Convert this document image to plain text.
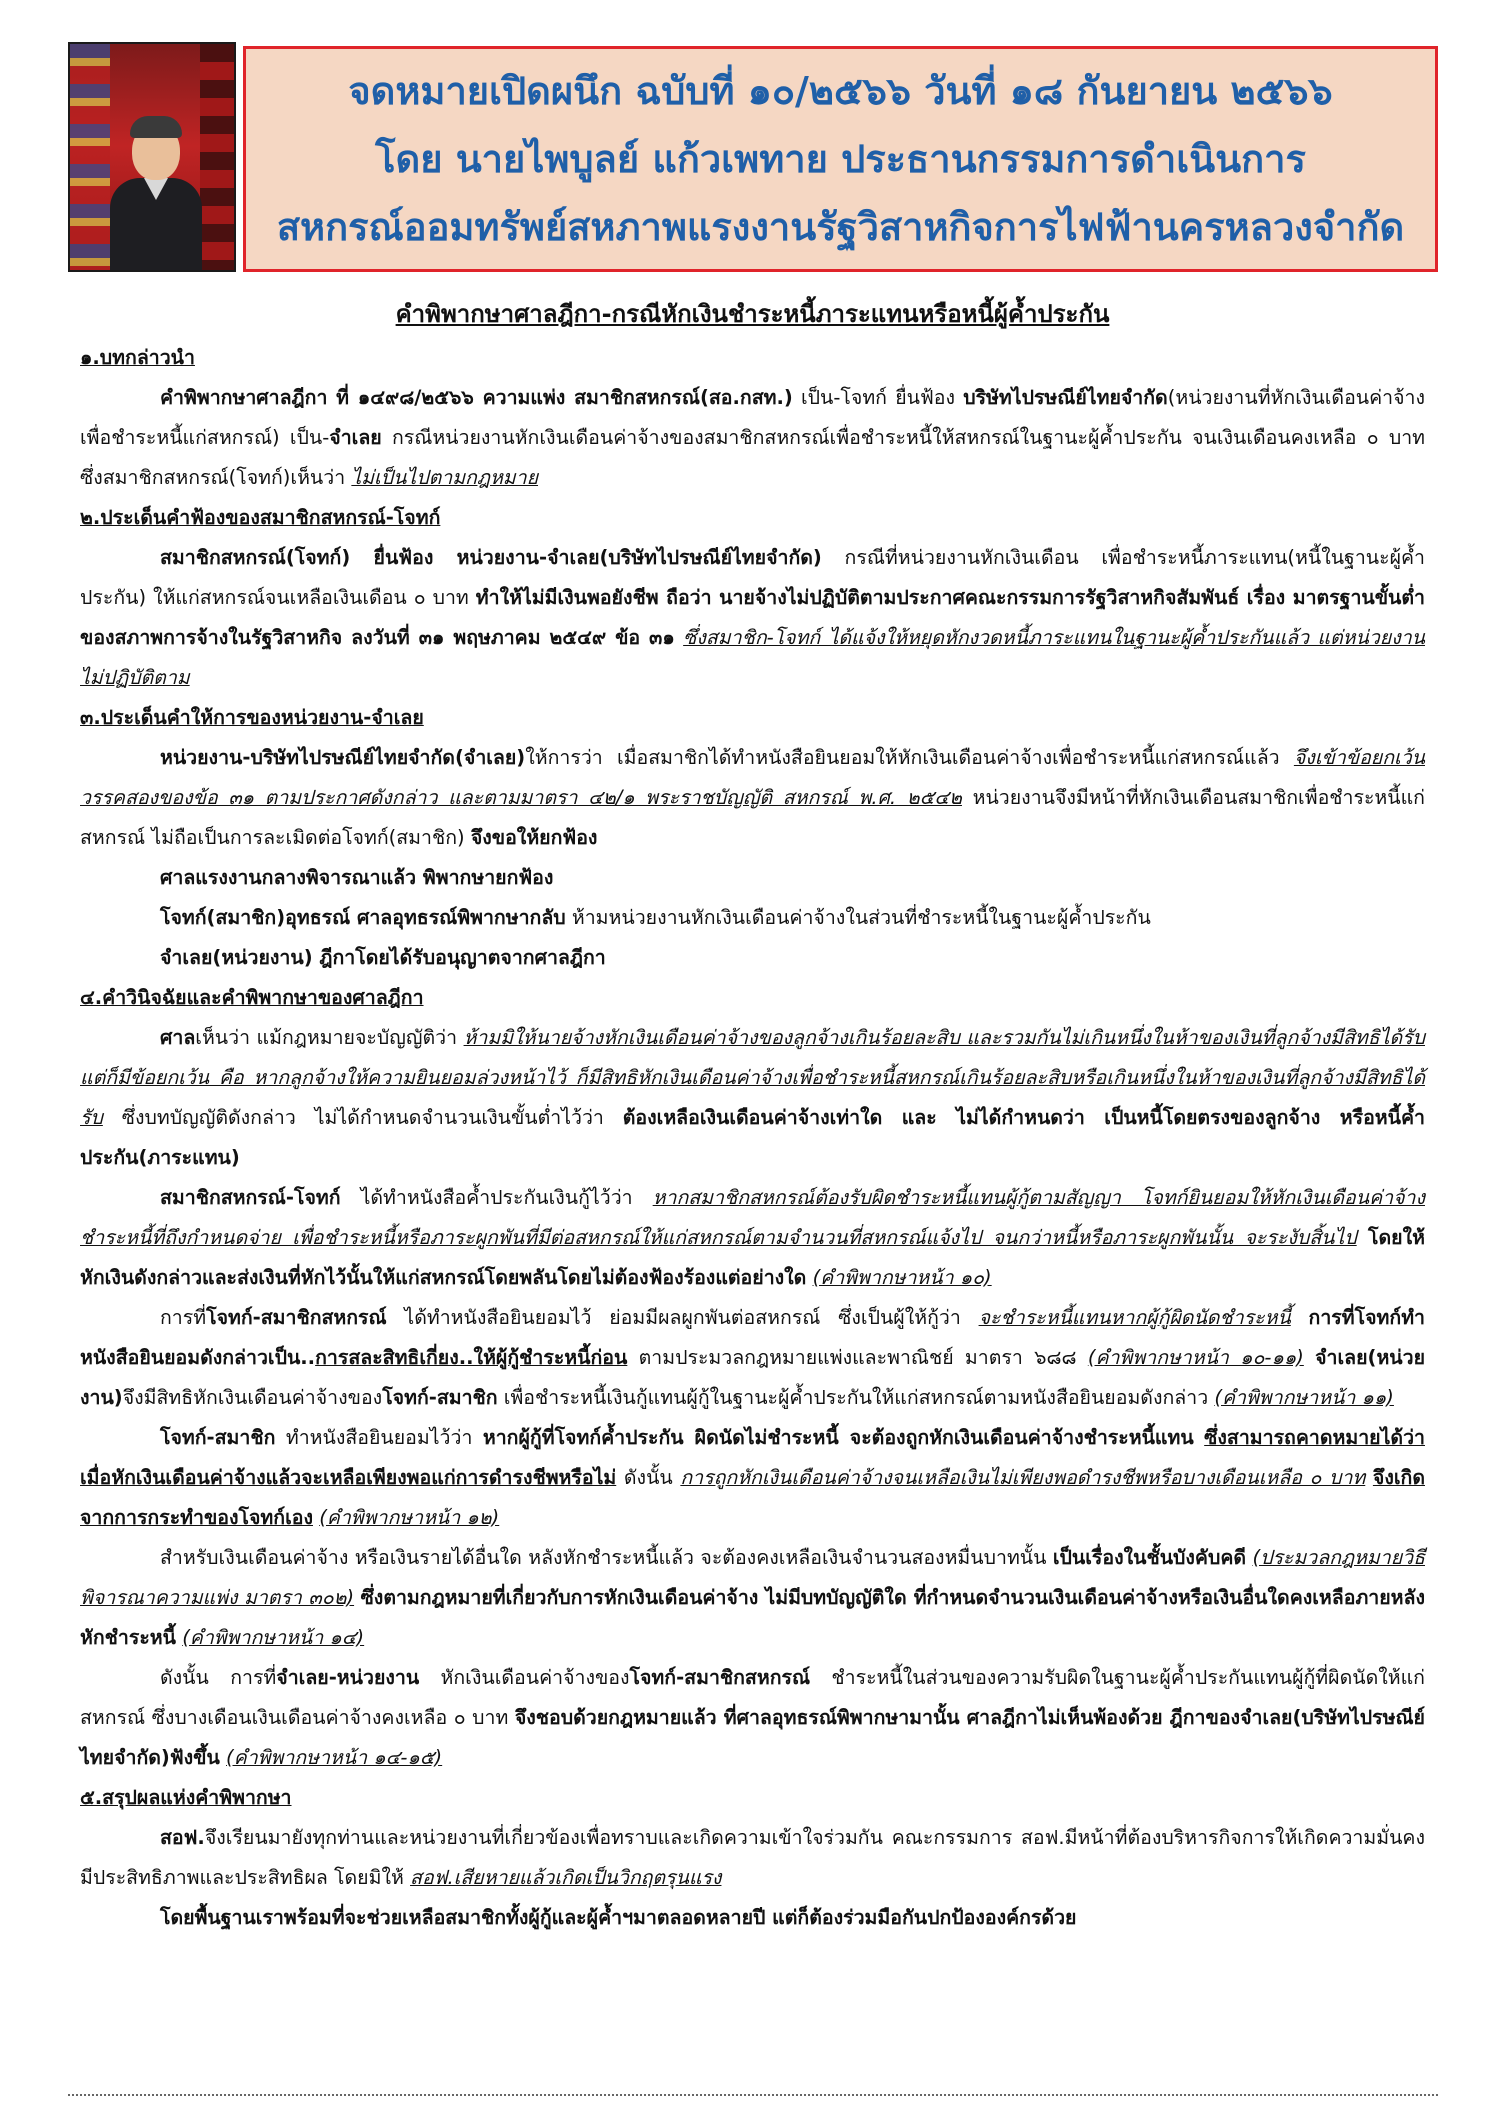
จดหมายเปิดผนึก ฉบับที่ ๑๐/๒๕๖๖ วันที่ ๑๘ กันยายน ๒๕๖๖
โดย นายไพบูลย์ แก้วเพทาย ประธานกรรมการดำเนินการ
สหกรณ์ออมทรัพย์สหภาพแรงงานรัฐวิสาหกิจการไฟฟ้านครหลวงจำกัด

คำพิพากษาศาลฎีกา-กรณีหักเงินชำระหนี้ภาระแทนหรือหนี้ผู้ค้ำประกัน

๑.บทกล่าวนำ

คำพิพากษาศาลฎีกา ที่ ๑๔๙๘/๒๕๖๖ ความแพ่ง สมาชิกสหกรณ์(สอ.กสท.) เป็น-โจทก์ ยื่นฟ้อง บริษัทไปรษณีย์ไทยจำกัด(หน่วยงานที่หักเงินเดือนค่าจ้างเพื่อชำระหนี้แก่สหกรณ์) เป็น-จำเลย กรณีหน่วยงานหักเงินเดือนค่าจ้างของสมาชิกสหกรณ์เพื่อชำระหนี้ให้สหกรณ์ในฐานะผู้ค้ำประกัน จนเงินเดือนคงเหลือ ๐ บาท ซึ่งสมาชิกสหกรณ์(โจทก์)เห็นว่า ไม่เป็นไปตามกฎหมาย

๒.ประเด็นคำฟ้องของสมาชิกสหกรณ์-โจทก์

สมาชิกสหกรณ์(โจทก์) ยื่นฟ้อง หน่วยงาน-จำเลย(บริษัทไปรษณีย์ไทยจำกัด) กรณีที่หน่วยงานหักเงินเดือน เพื่อชำระหนี้ภาระแทน(หนี้ในฐานะผู้ค้ำประกัน) ให้แก่สหกรณ์จนเหลือเงินเดือน ๐ บาท ทำให้ไม่มีเงินพอยังชีพ ถือว่า นายจ้างไม่ปฏิบัติตามประกาศคณะกรรมการรัฐวิสาหกิจสัมพันธ์ เรื่อง มาตรฐานขั้นต่ำของสภาพการจ้างในรัฐวิสาหกิจ ลงวันที่ ๓๑ พฤษภาคม ๒๕๔๙ ข้อ ๓๑ ซึ่งสมาชิก-โจทก์ ได้แจ้งให้หยุดหักงวดหนี้ภาระแทนในฐานะผู้ค้ำประกันแล้ว แต่หน่วยงานไม่ปฏิบัติตาม

๓.ประเด็นคำให้การของหน่วยงาน-จำเลย

หน่วยงาน-บริษัทไปรษณีย์ไทยจำกัด(จำเลย)ให้การว่า เมื่อสมาชิกได้ทำหนังสือยินยอมให้หักเงินเดือนค่าจ้างเพื่อชำระหนี้แก่สหกรณ์แล้ว จึงเข้าข้อยกเว้นวรรคสองของข้อ ๓๑ ตามประกาศดังกล่าว และตามมาตรา ๔๒/๑ พระราชบัญญัติ สหกรณ์ พ.ศ. ๒๕๔๒ หน่วยงานจึงมีหน้าที่หักเงินเดือนสมาชิกเพื่อชำระหนี้แก่สหกรณ์ ไม่ถือเป็นการละเมิดต่อโจทก์(สมาชิก) จึงขอให้ยกฟ้อง

ศาลแรงงานกลางพิจารณาแล้ว พิพากษายกฟ้อง

โจทก์(สมาชิก)อุทธรณ์ ศาลอุทธรณ์พิพากษากลับ ห้ามหน่วยงานหักเงินเดือนค่าจ้างในส่วนที่ชำระหนี้ในฐานะผู้ค้ำประกัน

จำเลย(หน่วยงาน) ฎีกาโดยได้รับอนุญาตจากศาลฎีกา

๔.คำวินิจฉัยและคำพิพากษาของศาลฎีกา

ศาลเห็นว่า แม้กฎหมายจะบัญญัติว่า ห้ามมิให้นายจ้างหักเงินเดือนค่าจ้างของลูกจ้างเกินร้อยละสิบ และรวมกันไม่เกินหนึ่งในห้าของเงินที่ลูกจ้างมีสิทธิได้รับ แต่ก็มีข้อยกเว้น คือ หากลูกจ้างให้ความยินยอมล่วงหน้าไว้ ก็มีสิทธิหักเงินเดือนค่าจ้างเพื่อชำระหนี้สหกรณ์เกินร้อยละสิบหรือเกินหนึ่งในห้าของเงินที่ลูกจ้างมีสิทธิได้รับ ซึ่งบทบัญญัติดังกล่าว ไม่ได้กำหนดจำนวนเงินขั้นต่ำไว้ว่า ต้องเหลือเงินเดือนค่าจ้างเท่าใด และ ไม่ได้กำหนดว่า เป็นหนี้โดยตรงของลูกจ้าง หรือหนี้ค้ำประกัน(ภาระแทน)

สมาชิกสหกรณ์-โจทก์ ได้ทำหนังสือค้ำประกันเงินกู้ไว้ว่า หากสมาชิกสหกรณ์ต้องรับผิดชำระหนี้แทนผู้กู้ตามสัญญา โจทก์ยินยอมให้หักเงินเดือนค่าจ้างชำระหนี้ที่ถึงกำหนดจ่าย เพื่อชำระหนี้หรือภาระผูกพันที่มีต่อสหกรณ์ให้แก่สหกรณ์ตามจำนวนที่สหกรณ์แจ้งไป จนกว่าหนี้หรือภาระผูกพันนั้น จะระงับสิ้นไป โดยให้หักเงินดังกล่าวและส่งเงินที่หักไว้นั้นให้แก่สหกรณ์โดยพลันโดยไม่ต้องฟ้องร้องแต่อย่างใด (คำพิพากษาหน้า ๑๐)

การที่โจทก์-สมาชิกสหกรณ์ ได้ทำหนังสือยินยอมไว้ ย่อมมีผลผูกพันต่อสหกรณ์ ซึ่งเป็นผู้ให้กู้ว่า จะชำระหนี้แทนหากผู้กู้ผิดนัดชำระหนี้ การที่โจทก์ทำหนังสือยินยอมดังกล่าวเป็น..การสละสิทธิเกี่ยง..ให้ผู้กู้ชำระหนี้ก่อน ตามประมวลกฎหมายแพ่งและพาณิชย์ มาตรา ๖๘๘ (คำพิพากษาหน้า ๑๐-๑๑) จำเลย(หน่วยงาน)จึงมีสิทธิหักเงินเดือนค่าจ้างของโจทก์-สมาชิก เพื่อชำระหนี้เงินกู้แทนผู้กู้ในฐานะผู้ค้ำประกันให้แก่สหกรณ์ตามหนังสือยินยอมดังกล่าว (คำพิพากษาหน้า ๑๑)

โจทก์-สมาชิก ทำหนังสือยินยอมไว้ว่า หากผู้กู้ที่โจทก์ค้ำประกัน ผิดนัดไม่ชำระหนี้ จะต้องถูกหักเงินเดือนค่าจ้างชำระหนี้แทน ซึ่งสามารถคาดหมายได้ว่า เมื่อหักเงินเดือนค่าจ้างแล้วจะเหลือเพียงพอแก่การดำรงชีพหรือไม่ ดังนั้น การถูกหักเงินเดือนค่าจ้างจนเหลือเงินไม่เพียงพอดำรงชีพหรือบางเดือนเหลือ ๐ บาท จึงเกิดจากการกระทำของโจทก์เอง (คำพิพากษาหน้า ๑๒)

สำหรับเงินเดือนค่าจ้าง หรือเงินรายได้อื่นใด หลังหักชำระหนี้แล้ว จะต้องคงเหลือเงินจำนวนสองหมื่นบาทนั้น เป็นเรื่องในชั้นบังคับคดี (ประมวลกฎหมายวิธีพิจารณาความแพ่ง มาตรา ๓๐๒) ซึ่งตามกฎหมายที่เกี่ยวกับการหักเงินเดือนค่าจ้าง ไม่มีบทบัญญัติใด ที่กำหนดจำนวนเงินเดือนค่าจ้างหรือเงินอื่นใดคงเหลือภายหลังหักชำระหนี้ (คำพิพากษาหน้า ๑๔)

ดังนั้น การที่จำเลย-หน่วยงาน หักเงินเดือนค่าจ้างของโจทก์-สมาชิกสหกรณ์ ชำระหนี้ในส่วนของความรับผิดในฐานะผู้ค้ำประกันแทนผู้กู้ที่ผิดนัดให้แก่สหกรณ์ ซึ่งบางเดือนเงินเดือนค่าจ้างคงเหลือ ๐ บาท จึงชอบด้วยกฎหมายแล้ว ที่ศาลอุทธรณ์พิพากษามานั้น ศาลฎีกาไม่เห็นพ้องด้วย ฎีกาของจำเลย(บริษัทไปรษณีย์ไทยจำกัด)ฟังขึ้น (คำพิพากษาหน้า ๑๔-๑๕)

๕.สรุปผลแห่งคำพิพากษา

สอฟ.จึงเรียนมายังทุกท่านและหน่วยงานที่เกี่ยวข้องเพื่อทราบและเกิดความเข้าใจร่วมกัน คณะกรรมการ สอฟ.มีหน้าที่ต้องบริหารกิจการให้เกิดความมั่นคง มีประสิทธิภาพและประสิทธิผล โดยมิให้ สอฟ.เสียหายแล้วเกิดเป็นวิกฤตรุนแรง

โดยพื้นฐานเราพร้อมที่จะช่วยเหลือสมาชิกทั้งผู้กู้และผู้ค้ำฯมาตลอดหลายปี แต่ก็ต้องร่วมมือกันปกป้ององค์กรด้วย
